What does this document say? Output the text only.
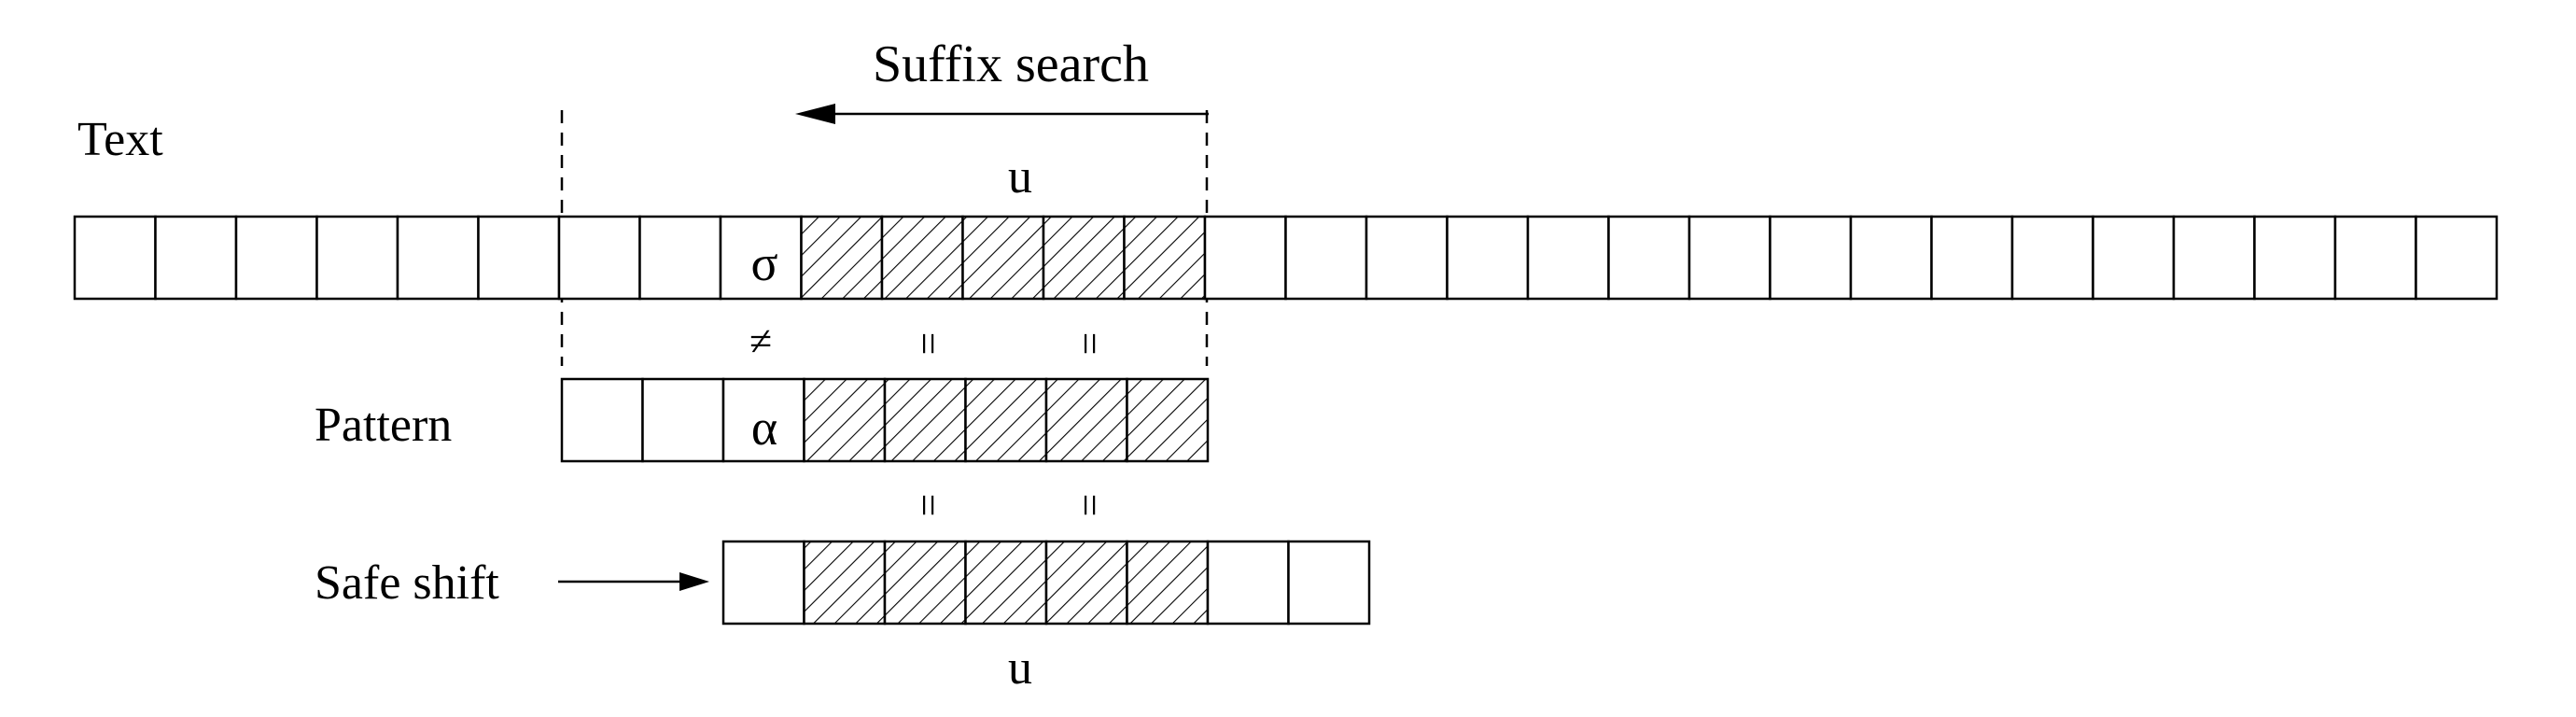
Suffix search
Text
Pattern
Safe shift
u
u
σ
α
≠	=	=
=	=
